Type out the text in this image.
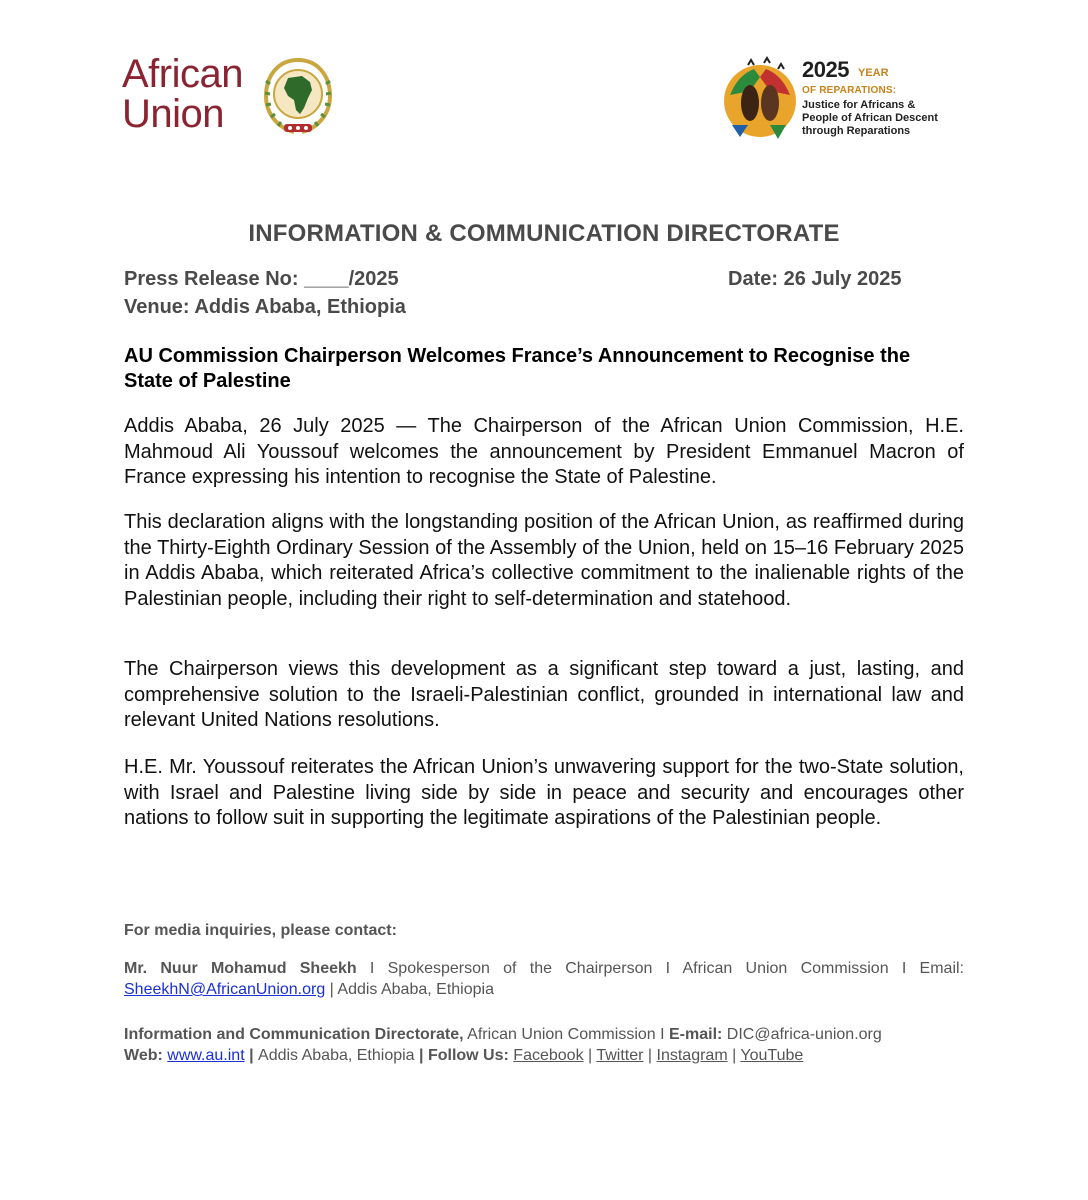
African
Union
2025 YEAR
OF REPARATIONS:
Justice for Africans &
People of African Descent
through Reparations
INFORMATION & COMMUNICATION DIRECTORATE
Press Release No: ____/2025	Date: 26 July 2025
Venue: Addis Ababa, Ethiopia
AU Commission Chairperson Welcomes France’s Announcement to Recognise the State of Palestine
Addis Ababa, 26 July 2025 — The Chairperson of the African Union Commission, H.E. Mahmoud Ali Youssouf welcomes the announcement by President Emmanuel Macron of France expressing his intention to recognise the State of Palestine.
This declaration aligns with the longstanding position of the African Union, as reaffirmed during the Thirty-Eighth Ordinary Session of the Assembly of the Union, held on 15–16 February 2025 in Addis Ababa, which reiterated Africa’s collective commitment to the inalienable rights of the Palestinian people, including their right to self-determination and statehood.
The Chairperson views this development as a significant step toward a just, lasting, and comprehensive solution to the Israeli-Palestinian conflict, grounded in international law and relevant United Nations resolutions.
H.E. Mr. Youssouf reiterates the African Union’s unwavering support for the two-State solution, with Israel and Palestine living side by side in peace and security and encourages other nations to follow suit in supporting the legitimate aspirations of the Palestinian people.
For media inquiries, please contact:
Mr. Nuur Mohamud Sheekh I Spokesperson of the Chairperson I African Union Commission I Email: SheekhN@AfricanUnion.org | Addis Ababa, Ethiopia
Information and Communication Directorate, African Union Commission I E-mail: DIC@africa-union.org
Web: www.au.int | Addis Ababa, Ethiopia | Follow Us: Facebook | Twitter | Instagram | YouTube
